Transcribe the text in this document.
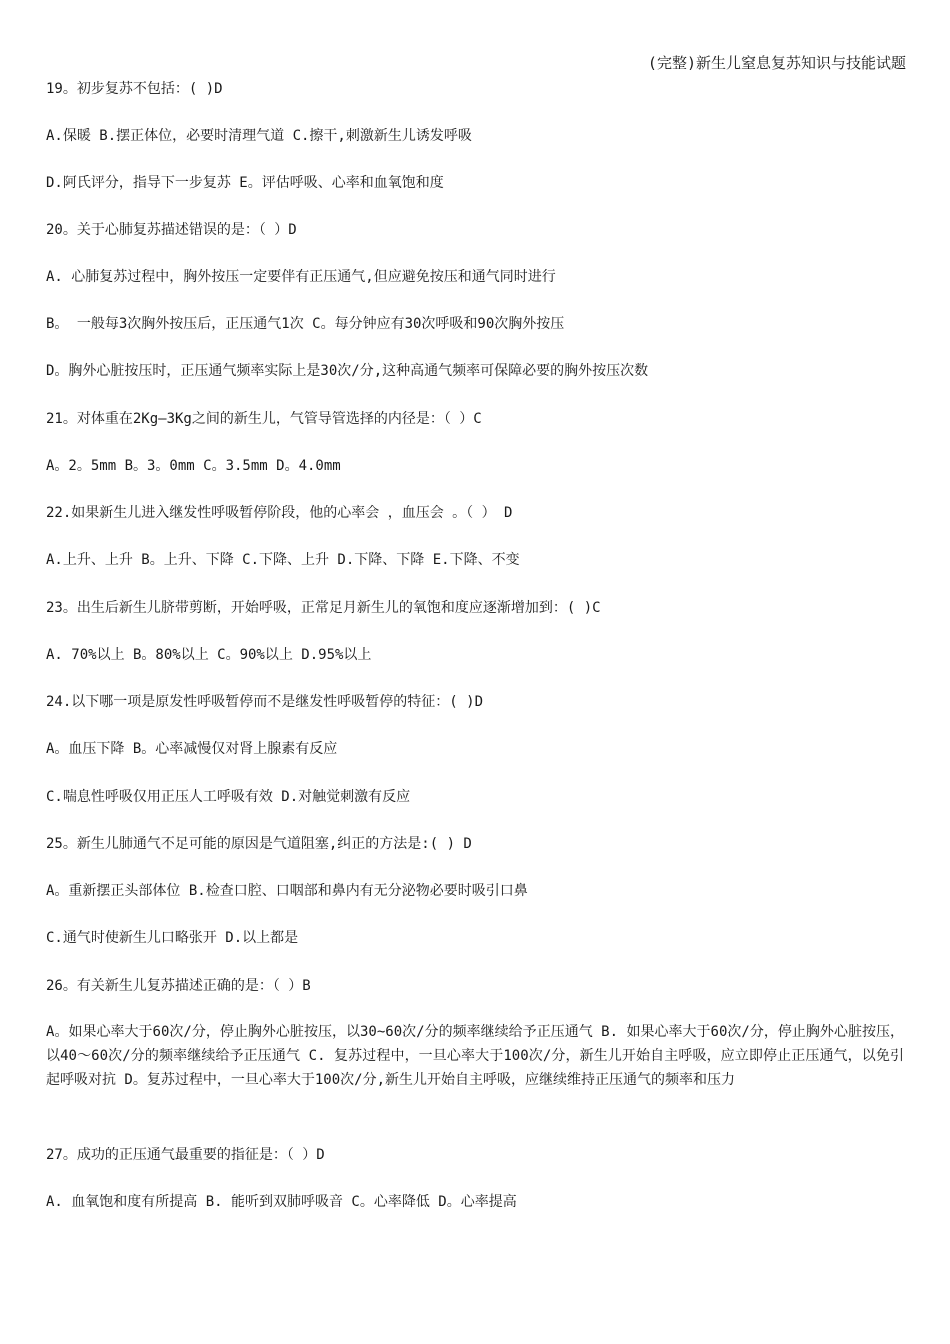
(完整)新生儿窒息复苏知识与技能试题
19。初步复苏不包括：( )D
A.保暖 B.摆正体位，必要时清理气道 C.擦干,刺激新生儿诱发呼吸
D.阿氏评分，指导下一步复苏 E。评估呼吸、心率和血氧饱和度
20。关于心肺复苏描述错误的是：（ ）D
A. 心肺复苏过程中，胸外按压一定要伴有正压通气,但应避免按压和通气同时进行
B。 一般每3次胸外按压后，正压通气1次 C。每分钟应有30次呼吸和90次胸外按压
D。胸外心脏按压时，正压通气频率实际上是30次/分,这种高通气频率可保障必要的胸外按压次数
21。对体重在2Kg—3Kg之间的新生儿，气管导管选择的内径是：（ ）C
A。2。5mm B。3。0mm C。3.5mm D。4.0mm
22.如果新生儿进入继发性呼吸暂停阶段，他的心率会 ，血压会 。（ ） D
A.上升、上升 B。上升、下降 C.下降、上升 D.下降、下降 E.下降、不变
23。出生后新生儿脐带剪断，开始呼吸，正常足月新生儿的氧饱和度应逐渐增加到：( )C
A. 70%以上 B。80%以上 C。90%以上 D.95%以上
24.以下哪一项是原发性呼吸暂停而不是继发性呼吸暂停的特征：( )D
A。血压下降 B。心率减慢仅对肾上腺素有反应
C.喘息性呼吸仅用正压人工呼吸有效 D.对触觉刺激有反应
25。新生儿肺通气不足可能的原因是气道阻塞,纠正的方法是:( ) D
A。重新摆正头部体位 B.检查口腔、口咽部和鼻内有无分泌物必要时吸引口鼻
C.通气时使新生儿口略张开 D.以上都是
26。有关新生儿复苏描述正确的是：（ ）B
A。如果心率大于60次/分，停止胸外心脏按压，以30~60次/分的频率继续给予正压通气 B. 如果心率大于60次/分，停止胸外心脏按压，以40～60次/分的频率继续给予正压通气 C. 复苏过程中，一旦心率大于100次/分，新生儿开始自主呼吸，应立即停止正压通气，以免引起呼吸对抗 D。复苏过程中，一旦心率大于100次/分,新生儿开始自主呼吸，应继续维持正压通气的频率和压力
27。成功的正压通气最重要的指征是：（ ）D
A. 血氧饱和度有所提高 B. 能听到双肺呼吸音 C。心率降低 D。心率提高
